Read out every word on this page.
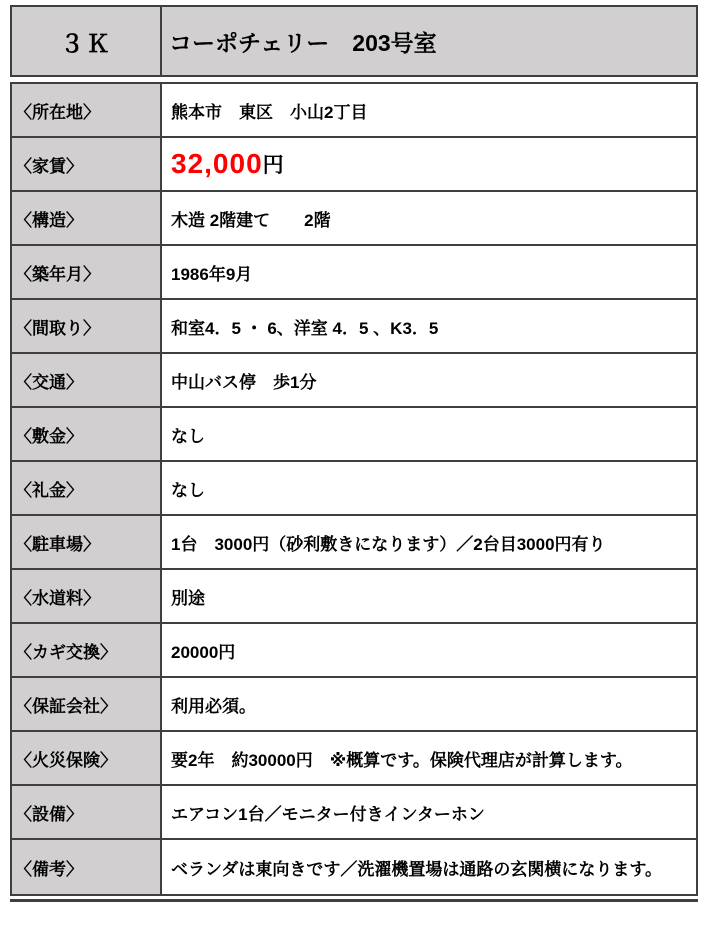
３Ｋ	コーポチェリー　203号室
〈所在地〉	熊本市　東区　小山2丁目
〈家賃〉	32,000 円
〈構造〉	木造 2階建て　　2階
〈築年月〉	1986年9月
〈間取り〉	和室4．5 ・ 6、洋室 4．5 、K3．5
〈交通〉	中山バス停　歩1分
〈敷金〉	なし
〈礼金〉	なし
〈駐車場〉	1台　3000円（砂利敷きになります）／2台目3000円有り
〈水道料〉	別途
〈カギ交換〉	20000円
〈保証会社〉	利用必須。
〈火災保険〉	要2年　約30000円　※概算です。保険代理店が計算します。
〈設備〉	エアコン1台／モニター付きインターホン
〈備考〉	ベランダは東向きです／洗濯機置場は通路の玄関横になります。
